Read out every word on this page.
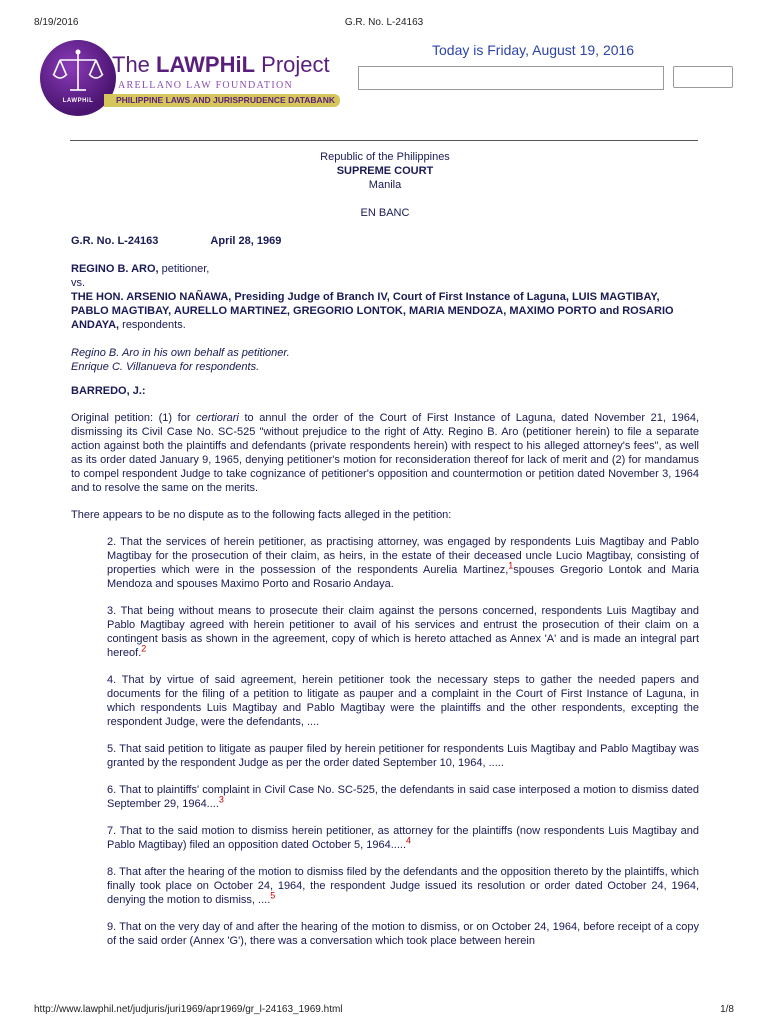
8/19/2016	G.R. No. L-24163
LAWPHiL
The LAWPHiL Project
ARELLANO LAW FOUNDATION
PHILIPPINE LAWS AND JURISPRUDENCE DATABANK
Today is Friday, August 19, 2016

Republic of the Philippines

SUPREME COURT

Manila

EN BANC

G.R. No. L-24163	April 28, 1969

REGINO B. ARO, petitioner,

vs.

THE HON. ARSENIO NAÑAWA, Presiding Judge of Branch IV, Court of First Instance of Laguna, LUIS MAGTIBAY, PABLO MAGTIBAY, AURELLO MARTINEZ, GREGORIO LONTOK, MARIA MENDOZA, MAXIMO PORTO and ROSARIO ANDAYA, respondents.

Regino B. Aro in his own behalf as petitioner.

Enrique C. Villanueva for respondents.

BARREDO, J.:
Original petition: (1) for certiorari to annul the order of the Court of First Instance of Laguna, dated November 21, 1964, dismissing its Civil Case No. SC-525 "without prejudice to the right of Atty. Regino B. Aro (petitioner herein) to file a separate action against both the plaintiffs and defendants (private respondents herein) with respect to his alleged attorney's fees", as well as its order dated January 9, 1965, denying petitioner's motion for reconsideration thereof for lack of merit and (2) for mandamus to compel respondent Judge to take cognizance of petitioner's opposition and countermotion or petition dated November 3, 1964 and to resolve the same on the merits.
There appears to be no dispute as to the following facts alleged in the petition:
2. That the services of herein petitioner, as practising attorney, was engaged by respondents Luis Magtibay and Pablo Magtibay for the prosecution of their claim, as heirs, in the estate of their deceased uncle Lucio Magtibay, consisting of properties which were in the possession of the respondents Aurelia Martinez,$^1$spouses Gregorio Lontok and Maria Mendoza and spouses Maximo Porto and Rosario Andaya.
3. That being without means to prosecute their claim against the persons concerned, respondents Luis Magtibay and Pablo Magtibay agreed with herein petitioner to avail of his services and entrust the prosecution of their claim on a contingent basis as shown in the agreement, copy of which is hereto attached as Annex 'A' and is made an integral part hereof.$^2$
4. That by virtue of said agreement, herein petitioner took the necessary steps to gather the needed papers and documents for the filing of a petition to litigate as pauper and a complaint in the Court of First Instance of Laguna, in which respondents Luis Magtibay and Pablo Magtibay were the plaintiffs and the other respondents, excepting the respondent Judge, were the defendants, ....
5. That said petition to litigate as pauper filed by herein petitioner for respondents Luis Magtibay and Pablo Magtibay was granted by the respondent Judge as per the order dated September 10, 1964, .....
6. That to plaintiffs' complaint in Civil Case No. SC-525, the defendants in said case interposed a motion to dismiss dated September 29, 1964....$^3$
7. That to the said motion to dismiss herein petitioner, as attorney for the plaintiffs (now respondents Luis Magtibay and Pablo Magtibay) filed an opposition dated October 5, 1964.....$^4$
8. That after the hearing of the motion to dismiss filed by the defendants and the opposition thereto by the plaintiffs, which finally took place on October 24, 1964, the respondent Judge issued its resolution or order dated October 24, 1964, denying the motion to dismiss, ....$^5$
9. That on the very day of and after the hearing of the motion to dismiss, or on October 24, 1964, before receipt of a copy of the said order (Annex 'G'), there was a conversation which took place between herein
http://www.lawphil.net/judjuris/juri1969/apr1969/gr_l-24163_1969.html	1/8
